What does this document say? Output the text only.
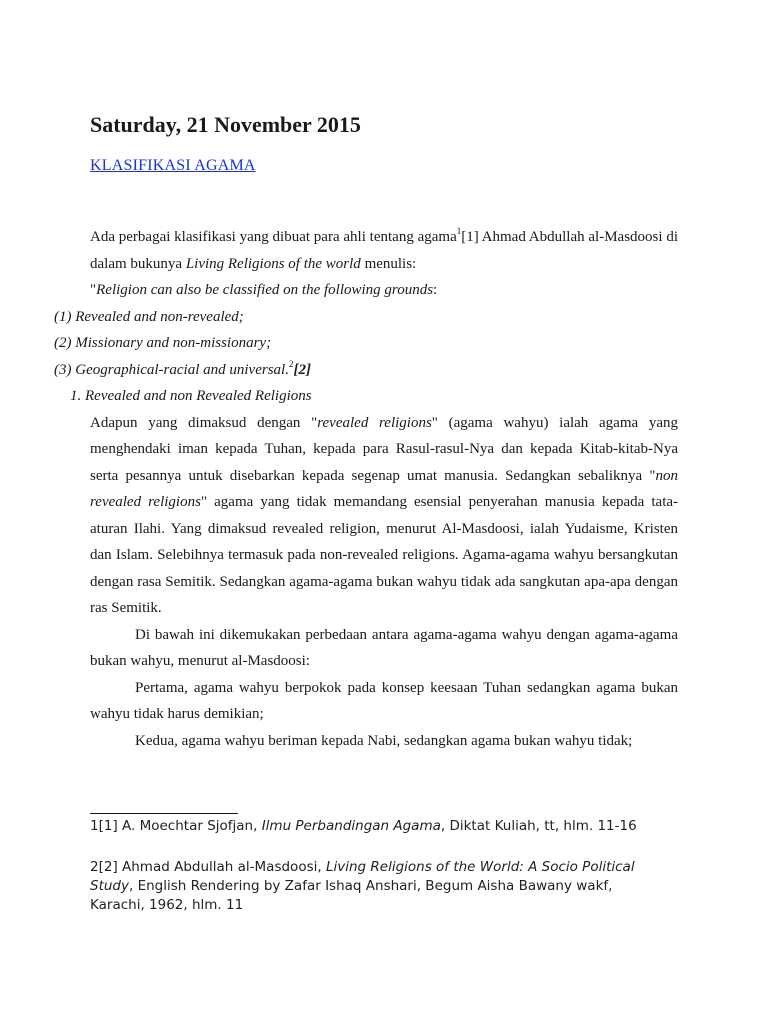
Saturday, 21 November 2015
KLASIFIKASI AGAMA
Ada perbagai klasifikasi yang dibuat para ahli tentang agama$^1$[1] Ahmad Abdullah al-Masdoosi di dalam bukunya Living Religions of the world menulis:
"Religion can also be classified on the following grounds:
(1) Revealed and non-revealed;
(2) Missionary and non-missionary;
(3) Geographical-racial and universal.$^2$[2]
1. Revealed and non Revealed Religions
Adapun yang dimaksud dengan "revealed religions" (agama wahyu) ialah agama yang menghendaki iman kepada Tuhan, kepada para Rasul-rasul-Nya dan kepada Kitab-kitab-Nya serta pesannya untuk disebarkan kepada segenap umat manusia. Sedangkan sebaliknya "non revealed religions" agama yang tidak memandang esensial penyerahan manusia kepada tata-aturan Ilahi. Yang dimaksud revealed religion, menurut Al-Masdoosi, ialah Yudaisme, Kristen dan Islam. Selebihnya termasuk pada non-revealed religions. Agama-agama wahyu bersangkutan dengan rasa Semitik. Sedangkan agama-agama bukan wahyu tidak ada sangkutan apa-apa dengan ras Semitik.
Di bawah ini dikemukakan perbedaan antara agama-agama wahyu dengan agama-agama bukan wahyu, menurut al-Masdoosi:
Pertama, agama wahyu berpokok pada konsep keesaan Tuhan sedangkan agama bukan wahyu tidak harus demikian;
Kedua, agama wahyu beriman kepada Nabi, sedangkan agama bukan wahyu tidak;

1[1] A. Moechtar Sjofjan, Ilmu Perbandingan Agama, Diktat Kuliah, tt, hlm. 11-16

2[2] Ahmad Abdullah al-Masdoosi, Living Religions of the World: A Socio Political Study, English Rendering by Zafar Ishaq Anshari, Begum Aisha Bawany wakf, Karachi, 1962, hlm. 11
